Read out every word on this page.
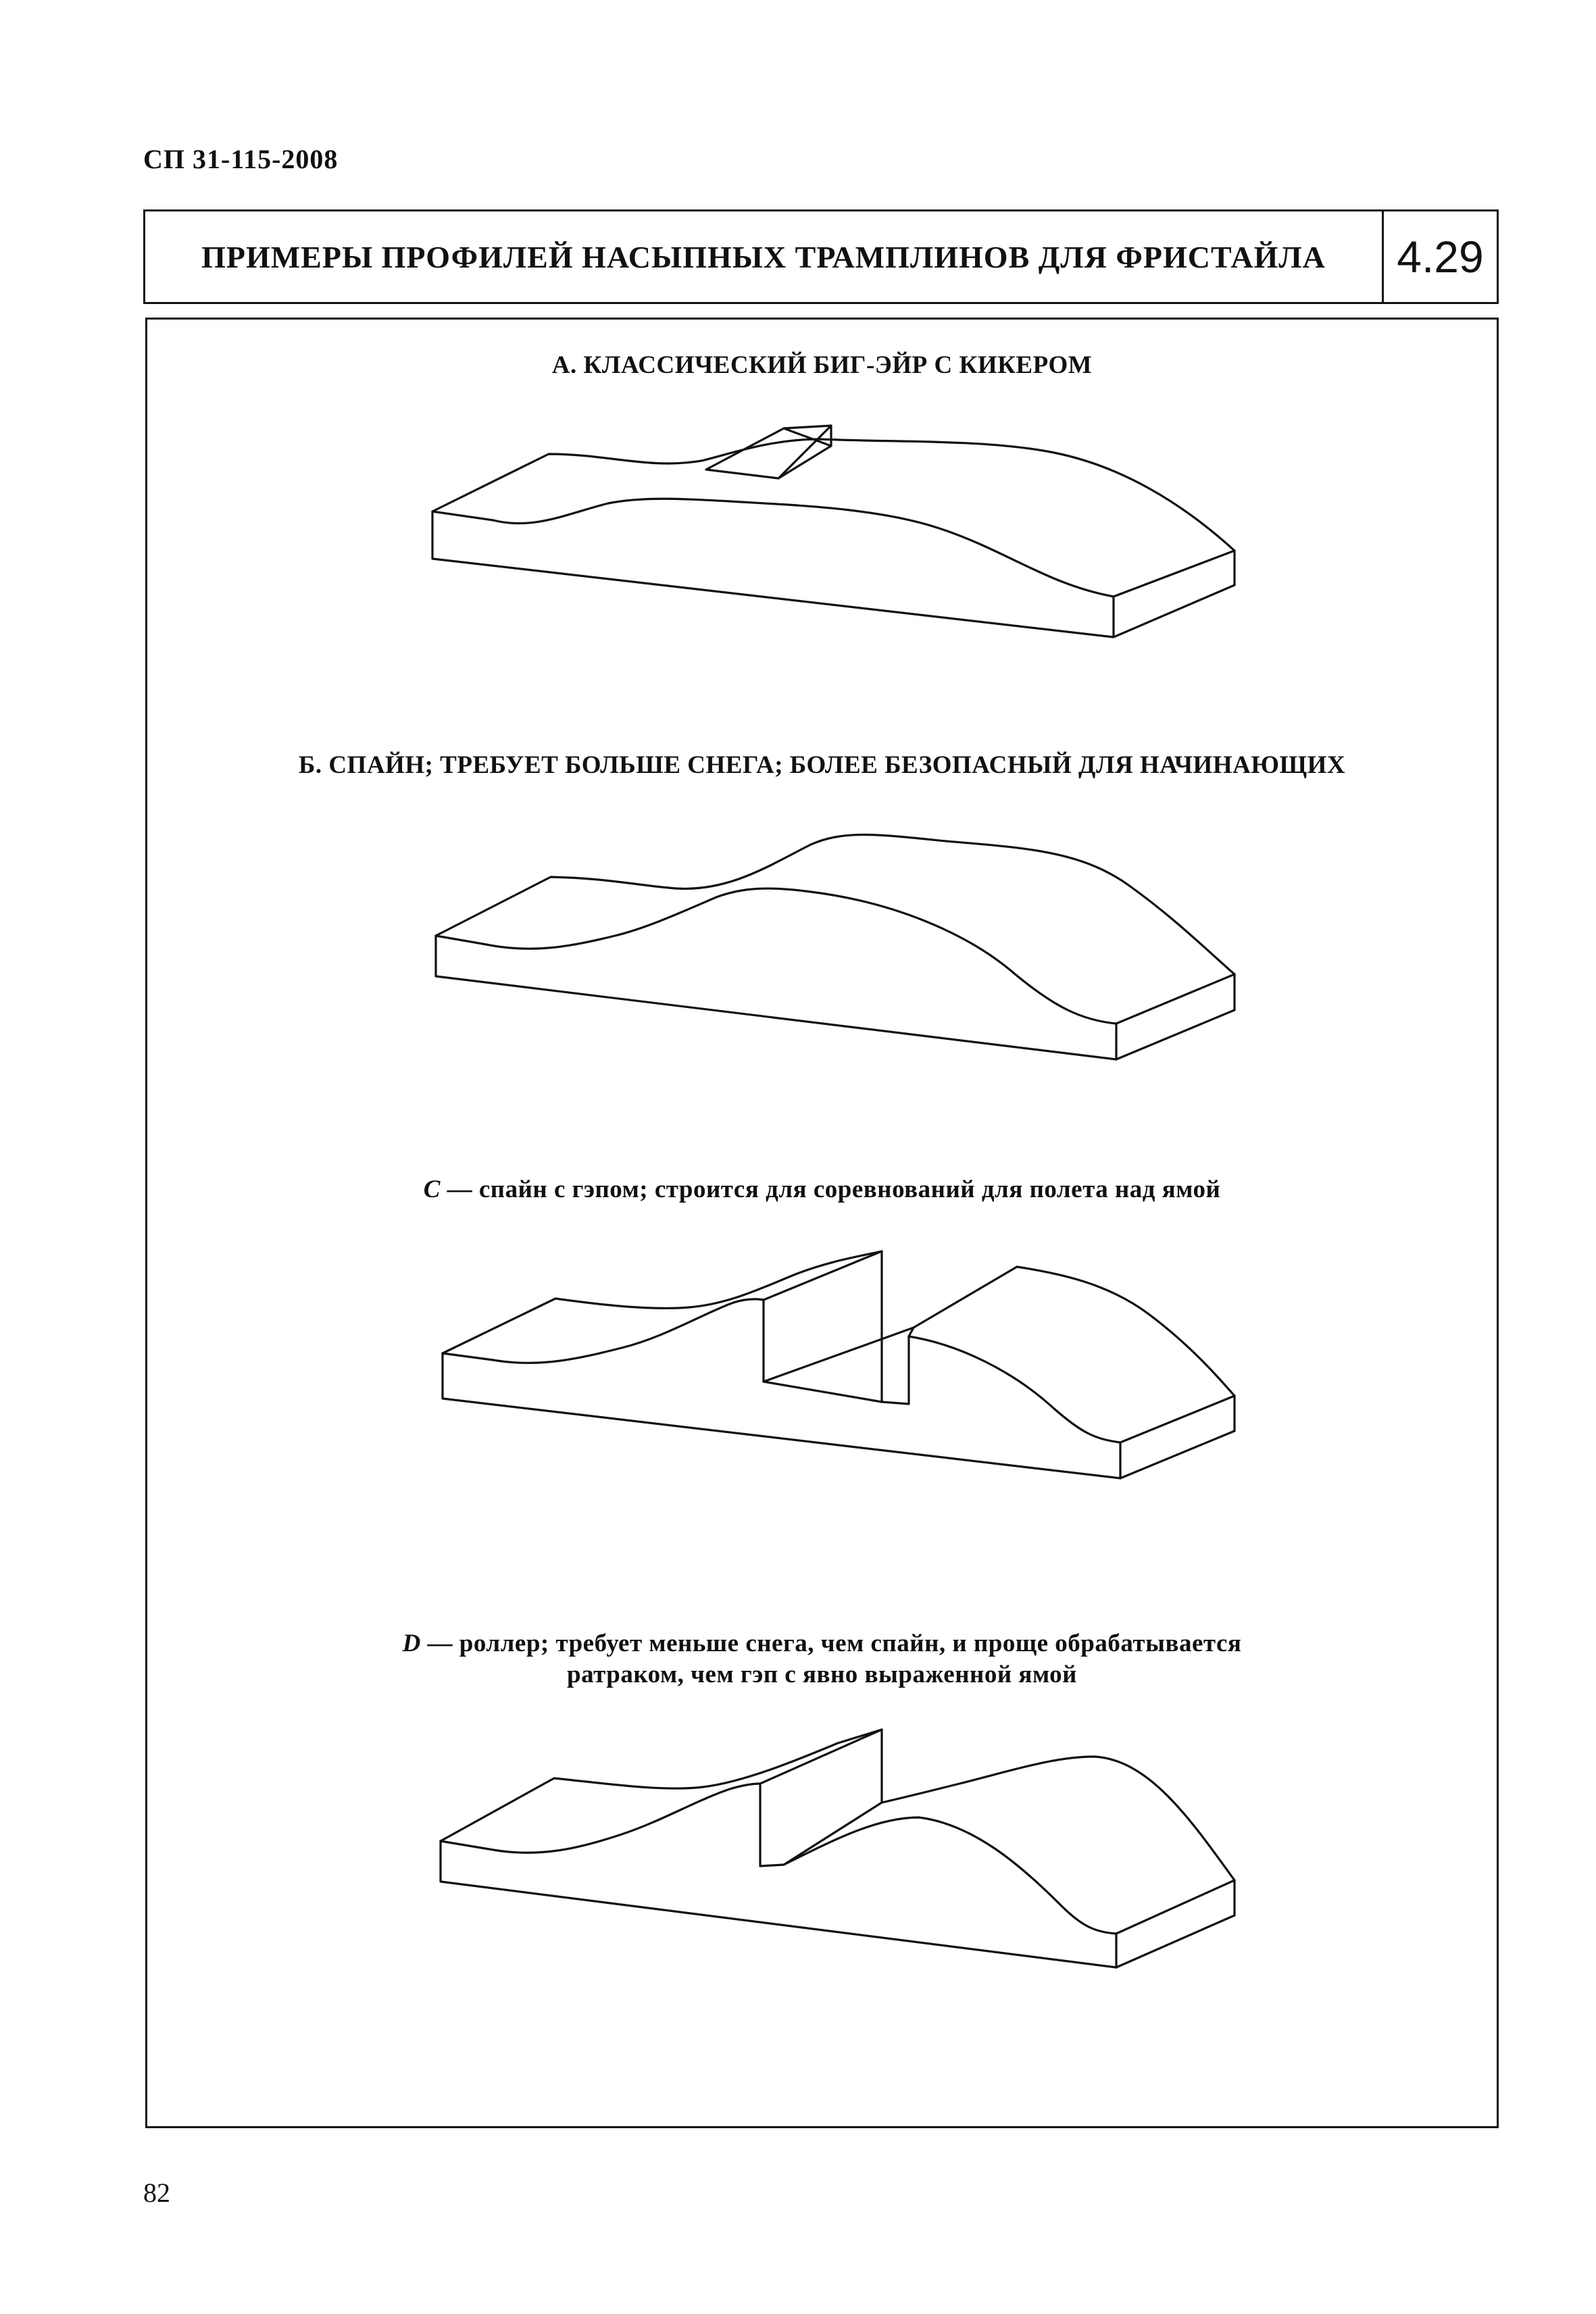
СП 31-115-2008
ПРИМЕРЫ ПРОФИЛЕЙ НАСЫПНЫХ ТРАМПЛИНОВ ДЛЯ ФРИСТАЙЛА	4.29
А. КЛАССИЧЕСКИЙ БИГ-ЭЙР С КИКЕРОМ
Б. СПАЙН; ТРЕБУЕТ БОЛЬШЕ СНЕГА; БОЛЕЕ БЕЗОПАСНЫЙ ДЛЯ НАЧИНАЮЩИХ
С — спайн с гэпом; строится для соревнований для полета над ямой
D — роллер; требует меньше снега, чем спайн, и проще обрабатывается
ратраком, чем гэп с явно выраженной ямой
82
